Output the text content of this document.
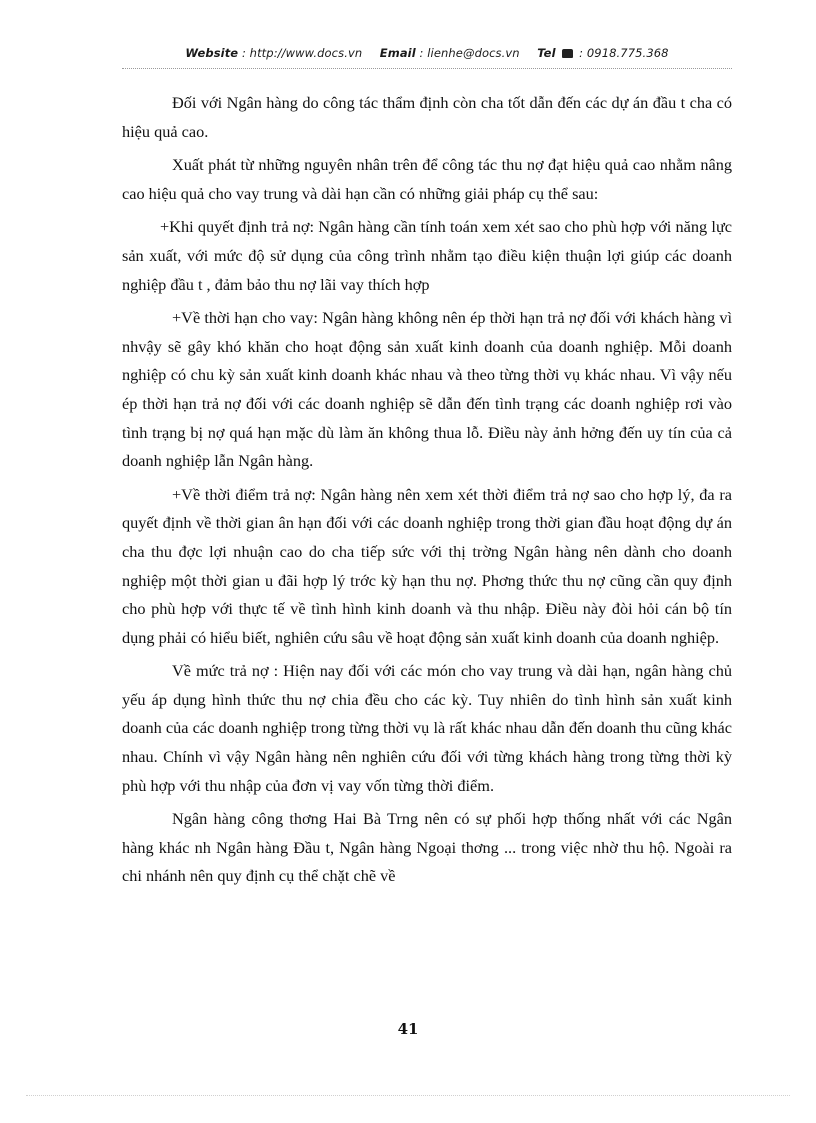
Website : http://www.docs.vn Email : lienhe@docs.vn Tel : 0918.775.368

Đối với Ngân hàng do công tác thẩm định còn cha tốt dẫn đến các dự án đầu t cha có hiệu quả cao.

Xuất phát từ những nguyên nhân trên để công tác thu nợ đạt hiệu quả cao nhằm nâng cao hiệu quả cho vay trung và dài hạn cần có những giải pháp cụ thể sau:

+Khi quyết định trả nợ: Ngân hàng cần tính toán xem xét sao cho phù hợp với năng lực sản xuất, với mức độ sử dụng của công trình nhằm tạo điều kiện thuận lợi giúp các doanh nghiệp đầu t , đảm bảo thu nợ lãi vay thích hợp

+Về thời hạn cho vay: Ngân hàng không nên ép thời hạn trả nợ đối với khách hàng vì nhvậy sẽ gây khó khăn cho hoạt động sản xuất kinh doanh của doanh nghiệp. Mỗi doanh nghiệp có chu kỳ sản xuất kinh doanh khác nhau và theo từng thời vụ khác nhau. Vì vậy nếu ép thời hạn trả nợ đối với các doanh nghiệp sẽ dẫn đến tình trạng các doanh nghiệp rơi vào tình trạng bị nợ quá hạn mặc dù làm ăn không thua lỗ. Điều này ảnh hởng đến uy tín của cả doanh nghiệp lẫn Ngân hàng.

+Về thời điểm trả nợ: Ngân hàng nên xem xét thời điểm trả nợ sao cho hợp lý, đa ra quyết định về thời gian ân hạn đối với các doanh nghiệp trong thời gian đầu hoạt động dự án cha thu đợc lợi nhuận cao do cha tiếp sức với thị trờng Ngân hàng nên dành cho doanh nghiệp một thời gian u đãi hợp lý trớc kỳ hạn thu nợ. Phơng thức thu nợ cũng cần quy định cho phù hợp với thực tế về tình hình kinh doanh và thu nhập. Điều này đòi hỏi cán bộ tín dụng phải có hiểu biết, nghiên cứu sâu về hoạt động sản xuất kinh doanh của doanh nghiệp.

Về mức trả nợ : Hiện nay đối với các món cho vay trung và dài hạn, ngân hàng chủ yếu áp dụng hình thức thu nợ chia đều cho các kỳ. Tuy nhiên do tình hình sản xuất kinh doanh của các doanh nghiệp trong từng thời vụ là rất khác nhau dẫn đến doanh thu cũng khác nhau. Chính vì vậy Ngân hàng nên nghiên cứu đối với từng khách hàng trong từng thời kỳ phù hợp với thu nhập của đơn vị vay vốn từng thời điểm.

Ngân hàng công thơng Hai Bà Trng nên có sự phối hợp thống nhất với các Ngân hàng khác nh Ngân hàng Đầu t, Ngân hàng Ngoại thơng ... trong việc nhờ thu hộ. Ngoài ra chi nhánh nên quy định cụ thể chặt chẽ về

41
